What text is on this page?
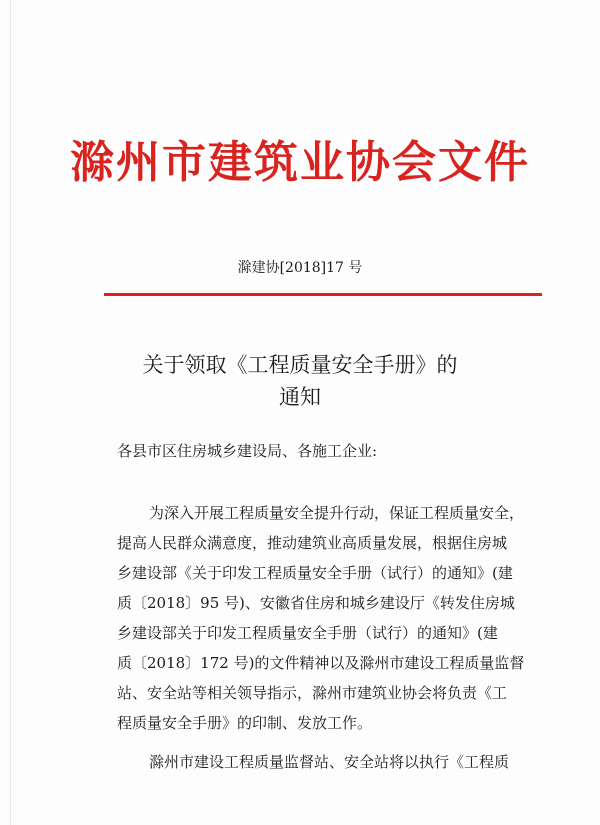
滁州市建筑业协会文件
滁建协[2018]17 号
关于领取《工程质量安全手册》的
通知
各县市区住房城乡建设局、各施工企业:
为深入开展工程质量安全提升行动，保证工程质量安全，
提高人民群众满意度，推动建筑业高质量发展，根据住房城
乡建设部《关于印发工程质量安全手册（试行）的通知》(建
质〔2018〕95 号)、安徽省住房和城乡建设厅《转发住房城
乡建设部关于印发工程质量安全手册（试行）的通知》(建
质〔2018〕172 号)的文件精神以及滁州市建设工程质量监督
站、安全站等相关领导指示，滁州市建筑业协会将负责《工
程质量安全手册》的印制、发放工作。
滁州市建设工程质量监督站、安全站将以执行《工程质
